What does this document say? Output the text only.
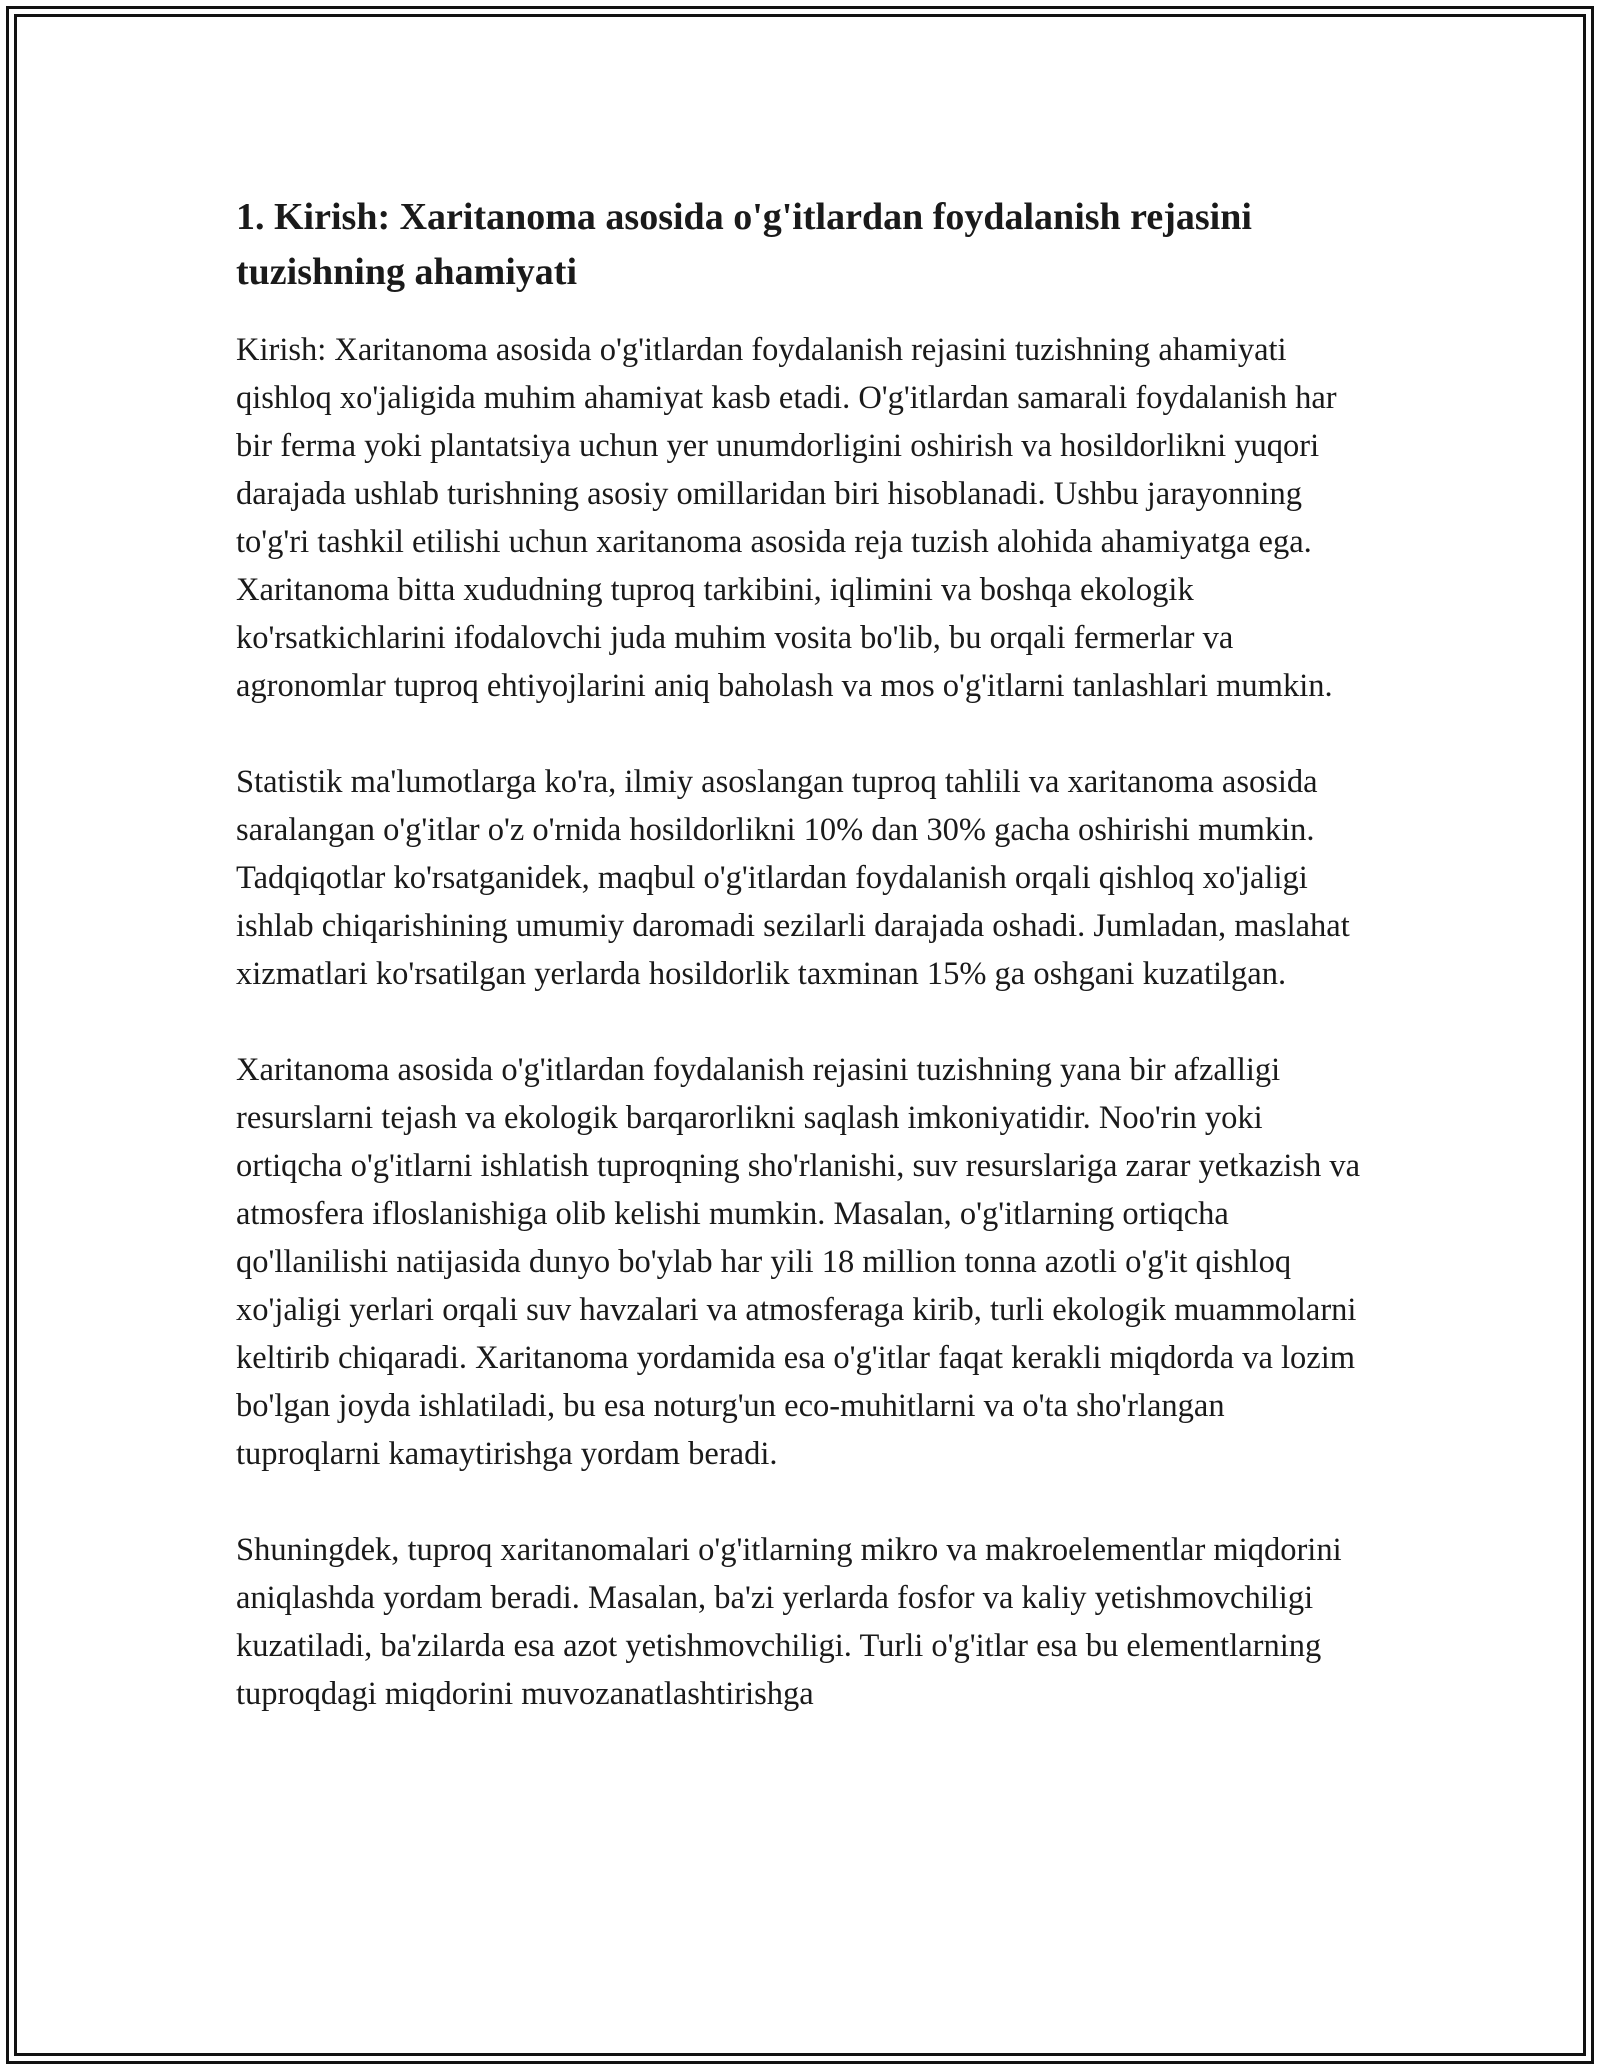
1. Kirish: Xaritanoma asosida o'g'itlardan foydalanish rejasini tuzishning ahamiyati

Kirish: Xaritanoma asosida o'g'itlardan foydalanish rejasini tuzishning ahamiyati qishloq xo'jaligida muhim ahamiyat kasb etadi. O'g'itlardan samarali foydalanish har bir ferma yoki plantatsiya uchun yer unumdorligini oshirish va hosildorlikni yuqori darajada ushlab turishning asosiy omillaridan biri hisoblanadi. Ushbu jarayonning to'g'ri tashkil etilishi uchun xaritanoma asosida reja tuzish alohida ahamiyatga ega. Xaritanoma bitta xududning tuproq tarkibini, iqlimini va boshqa ekologik ko'rsatkichlarini ifodalovchi juda muhim vosita bo'lib, bu orqali fermerlar va agronomlar tuproq ehtiyojlarini aniq baholash va mos o'g'itlarni tanlashlari mumkin.

Statistik ma'lumotlarga ko'ra, ilmiy asoslangan tuproq tahlili va xaritanoma asosida saralangan o'g'itlar o'z o'rnida hosildorlikni 10% dan 30% gacha oshirishi mumkin. Tadqiqotlar ko'rsatganidek, maqbul o'g'itlardan foydalanish orqali qishloq xo'jaligi ishlab chiqarishining umumiy daromadi sezilarli darajada oshadi. Jumladan, maslahat xizmatlari ko'rsatilgan yerlarda hosildorlik taxminan 15% ga oshgani kuzatilgan.

Xaritanoma asosida o'g'itlardan foydalanish rejasini tuzishning yana bir afzalligi resurslarni tejash va ekologik barqarorlikni saqlash imkoniyatidir. Noo'rin yoki ortiqcha o'g'itlarni ishlatish tuproqning sho'rlanishi, suv resurslariga zarar yetkazish va atmosfera ifloslanishiga olib kelishi mumkin. Masalan, o'g'itlarning ortiqcha qo'llanilishi natijasida dunyo bo'ylab har yili 18 million tonna azotli o'g'it qishloq xo'jaligi yerlari orqali suv havzalari va atmosferaga kirib, turli ekologik muammolarni keltirib chiqaradi. Xaritanoma yordamida esa o'g'itlar faqat kerakli miqdorda va lozim bo'lgan joyda ishlatiladi, bu esa noturg'un eco-muhitlarni va o'ta sho'rlangan tuproqlarni kamaytirishga yordam beradi.

Shuningdek, tuproq xaritanomalari o'g'itlarning mikro va makroelementlar miqdorini aniqlashda yordam beradi. Masalan, ba'zi yerlarda fosfor va kaliy yetishmovchiligi kuzatiladi, ba'zilarda esa azot yetishmovchiligi. Turli o'g'itlar esa bu elementlarning tuproqdagi miqdorini muvozanatlashtirishga
